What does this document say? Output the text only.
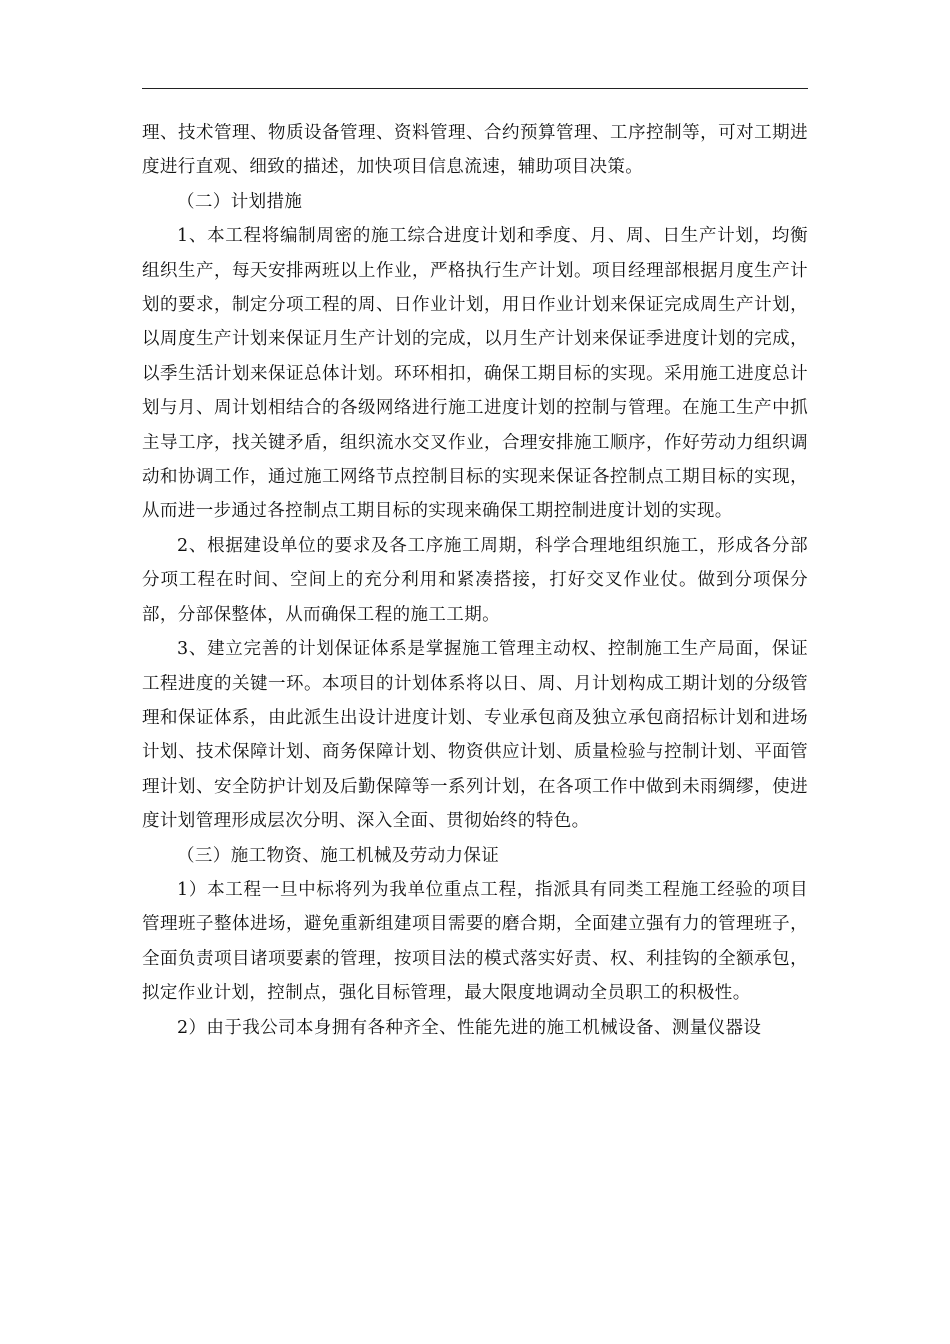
理、技术管理、物质设备管理、资料管理、合约预算管理、工序控制等，可对工期进度进行直观、细致的描述，加快项目信息流速，辅助项目决策。

（二）计划措施

1、本工程将编制周密的施工综合进度计划和季度、月、周、日生产计划，均衡组织生产，每天安排两班以上作业，严格执行生产计划。项目经理部根据月度生产计划的要求，制定分项工程的周、日作业计划，用日作业计划来保证完成周生产计划，以周度生产计划来保证月生产计划的完成，以月生产计划来保证季进度计划的完成，以季生活计划来保证总体计划。环环相扣，确保工期目标的实现。采用施工进度总计划与月、周计划相结合的各级网络进行施工进度计划的控制与管理。在施工生产中抓主导工序，找关键矛盾，组织流水交叉作业，合理安排施工顺序，作好劳动力组织调动和协调工作，通过施工网络节点控制目标的实现来保证各控制点工期目标的实现，从而进一步通过各控制点工期目标的实现来确保工期控制进度计划的实现。

2、根据建设单位的要求及各工序施工周期，科学合理地组织施工，形成各分部分项工程在时间、空间上的充分利用和紧凑搭接，打好交叉作业仗。做到分项保分部，分部保整体，从而确保工程的施工工期。

3、建立完善的计划保证体系是掌握施工管理主动权、控制施工生产局面，保证工程进度的关键一环。本项目的计划体系将以日、周、月计划构成工期计划的分级管理和保证体系，由此派生出设计进度计划、专业承包商及独立承包商招标计划和进场计划、技术保障计划、商务保障计划、物资供应计划、质量检验与控制计划、平面管理计划、安全防护计划及后勤保障等一系列计划，在各项工作中做到未雨绸缪，使进度计划管理形成层次分明、深入全面、贯彻始终的特色。

（三）施工物资、施工机械及劳动力保证

1）本工程一旦中标将列为我单位重点工程，指派具有同类工程施工经验的项目管理班子整体进场，避免重新组建项目需要的磨合期，全面建立强有力的管理班子，全面负责项目诸项要素的管理，按项目法的模式落实好责、权、利挂钩的全额承包，拟定作业计划，控制点，强化目标管理，最大限度地调动全员职工的积极性。

2）由于我公司本身拥有各种齐全、性能先进的施工机械设备、测量仪器设
